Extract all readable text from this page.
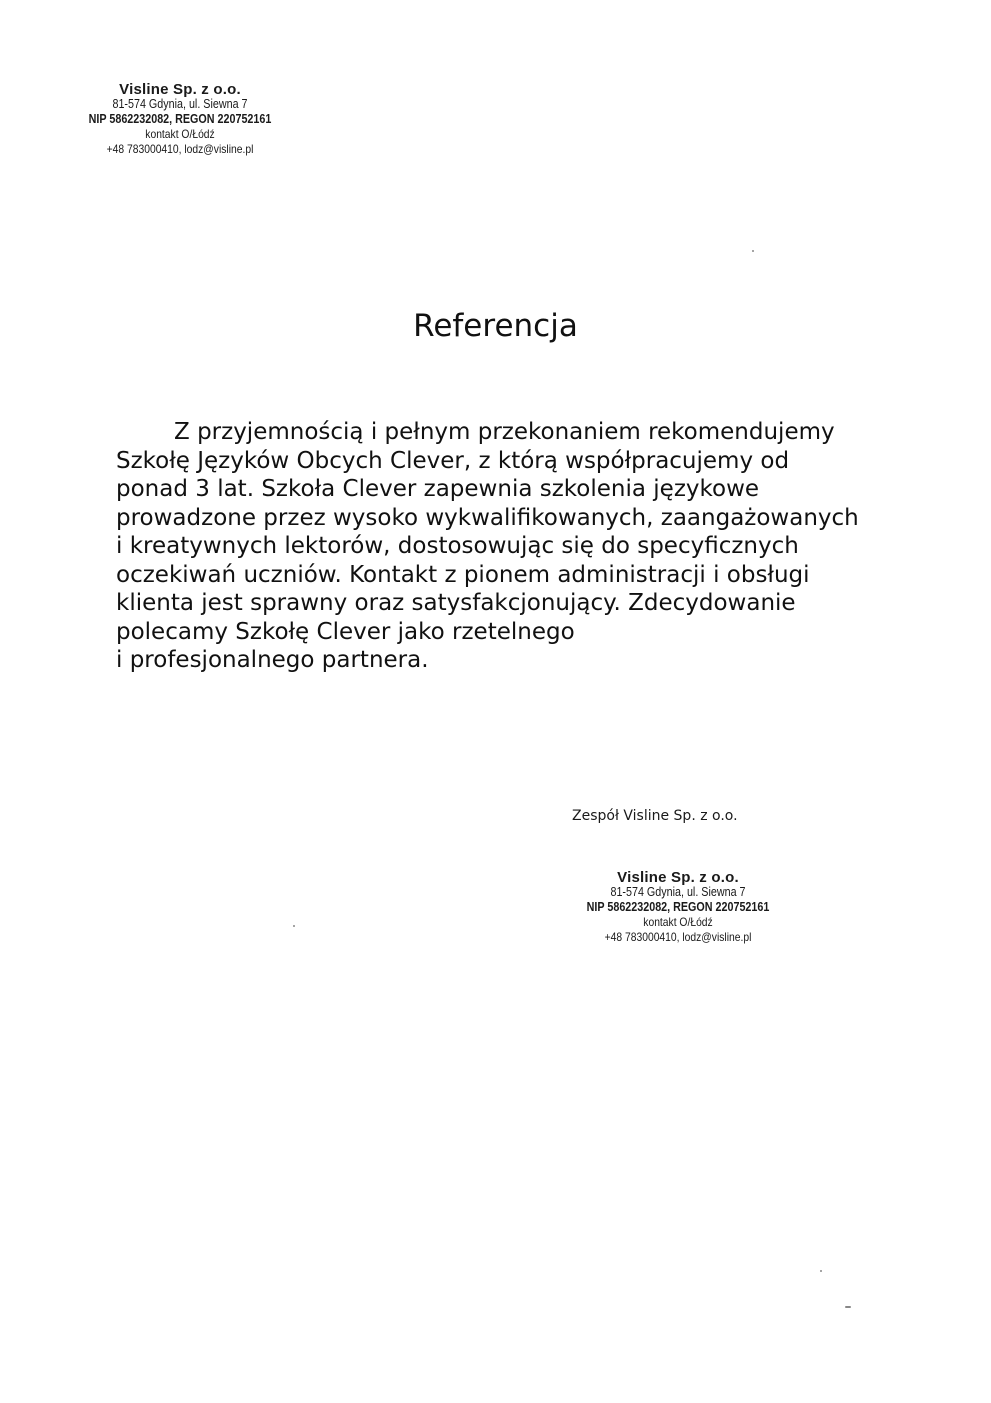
Visline Sp. z o.o.
81-574 Gdynia, ul. Siewna 7
NIP 5862232082, REGON 220752161
kontakt O/Łódź
+48 783000410, lodz@visline.pl
Referencja
Z przyjemnością i pełnym przekonaniem rekomendujemy
Szkołę Języków Obcych Clever, z którą współpracujemy od
ponad 3 lat. Szkoła Clever zapewnia szkolenia językowe
prowadzone przez wysoko wykwalifikowanych, zaangażowanych
i kreatywnych lektorów, dostosowując się do specyficznych
oczekiwań uczniów. Kontakt z pionem administracji i obsługi
klienta jest sprawny oraz satysfakcjonujący. Zdecydowanie
polecamy Szkołę Clever jako rzetelnego
i profesjonalnego partnera.
Zespół Visline Sp. z o.o.
Visline Sp. z o.o.
81-574 Gdynia, ul. Siewna 7
NIP 5862232082, REGON 220752161
kontakt O/Łódź
+48 783000410, lodz@visline.pl
